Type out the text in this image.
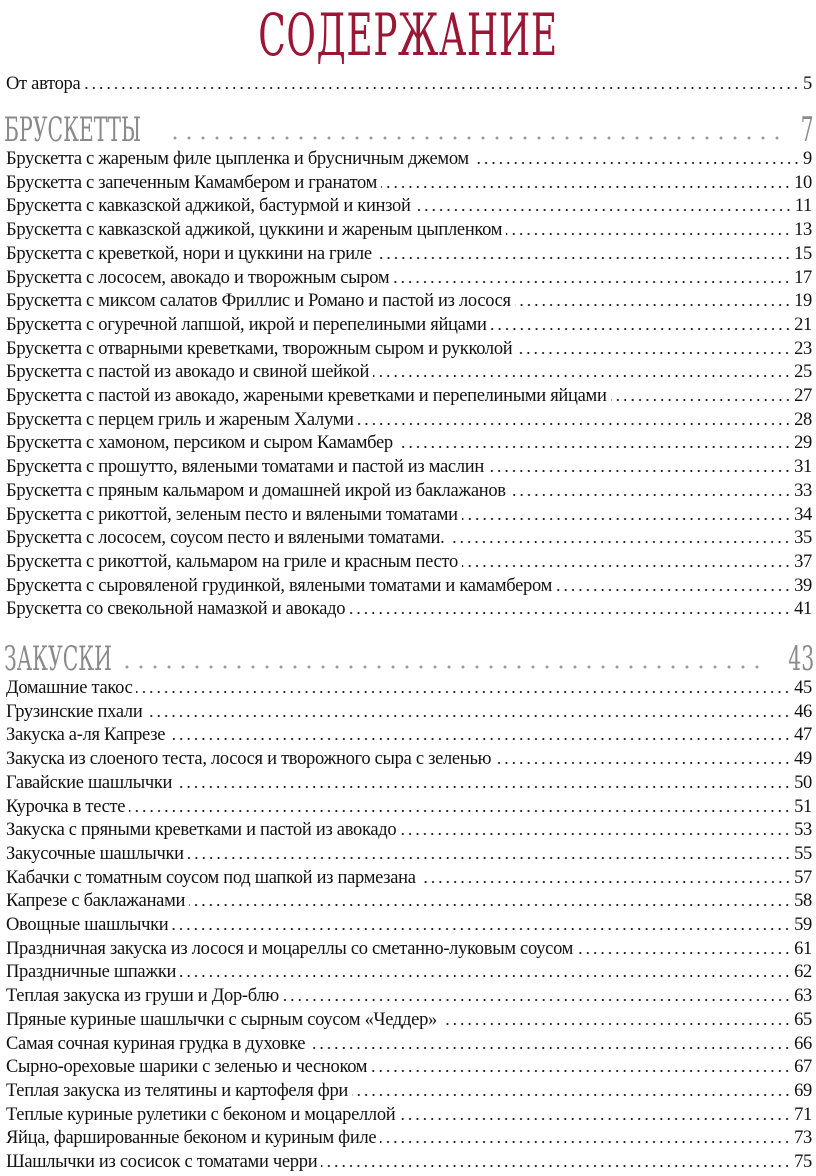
СОДЕРЖАНИЕ
От автора	5
БРУСКЕТТЫ	7
Брускетта с жареным филе цыпленка и брусничным джемом	9
Брускетта с запеченным Камамбером и гранатом	10
Брускетта с кавказской аджикой, бастурмой и кинзой	11
Брускетта с кавказской аджикой, цуккини и жареным цыпленком	13
Брускетта с креветкой, нори и цуккини на гриле	15
Брускетта с лососем, авокадо и творожным сыром	17
Брускетта с миксом салатов Фриллис и Романо и пастой из лосося	19
Брускетта с огуречной лапшой, икрой и перепелиными яйцами	21
Брускетта с отварными креветками, творожным сыром и рукколой	23
Брускетта с пастой из авокадо и свиной шейкой	25
Брускетта с пастой из авокадо, жареными креветками и перепелиными яйцами	27
Брускетта с перцем гриль и жареным Халуми	28
Брускетта с хамоном, персиком и сыром Камамбер	29
Брускетта с прошутто, вялеными томатами и пастой из маслин	31
Брускетта с пряным кальмаром и домашней икрой из баклажанов	33
Брускетта с рикоттой, зеленым песто и вялеными томатами	34
Брускетта с лососем, соусом песто и вялеными томатами.	35
Брускетта с рикоттой, кальмаром на гриле и красным песто	37
Брускетта с сыровяленой грудинкой, вялеными томатами и камамбером	39
Брускетта со свекольной намазкой и авокадо	41
ЗАКУСКИ	43
Домашние такос	45
Грузинские пхали	46
Закуска а-ля Капрезе	47
Закуска из слоеного теста, лосося и творожного сыра с зеленью	49
Гавайские шашлычки	50
Курочка в тесте	51
Закуска с пряными креветками и пастой из авокадо	53
Закусочные шашлычки	55
Кабачки с томатным соусом под шапкой из пармезана	57
Капрезе с баклажанами	58
Овощные шашлычки	59
Праздничная закуска из лосося и моцареллы со сметанно-луковым соусом	61
Праздничные шпажки	62
Теплая закуска из груши и Дор-блю	63
Пряные куриные шашлычки с сырным соусом «Чеддер»	65
Самая сочная куриная грудка в духовке	66
Сырно-ореховые шарики с зеленью и чесноком	67
Теплая закуска из телятины и картофеля фри	69
Теплые куриные рулетики с беконом и моцареллой	71
Яйца, фаршированные беконом и куриным филе	73
Шашлычки из сосисок с томатами черри	75
